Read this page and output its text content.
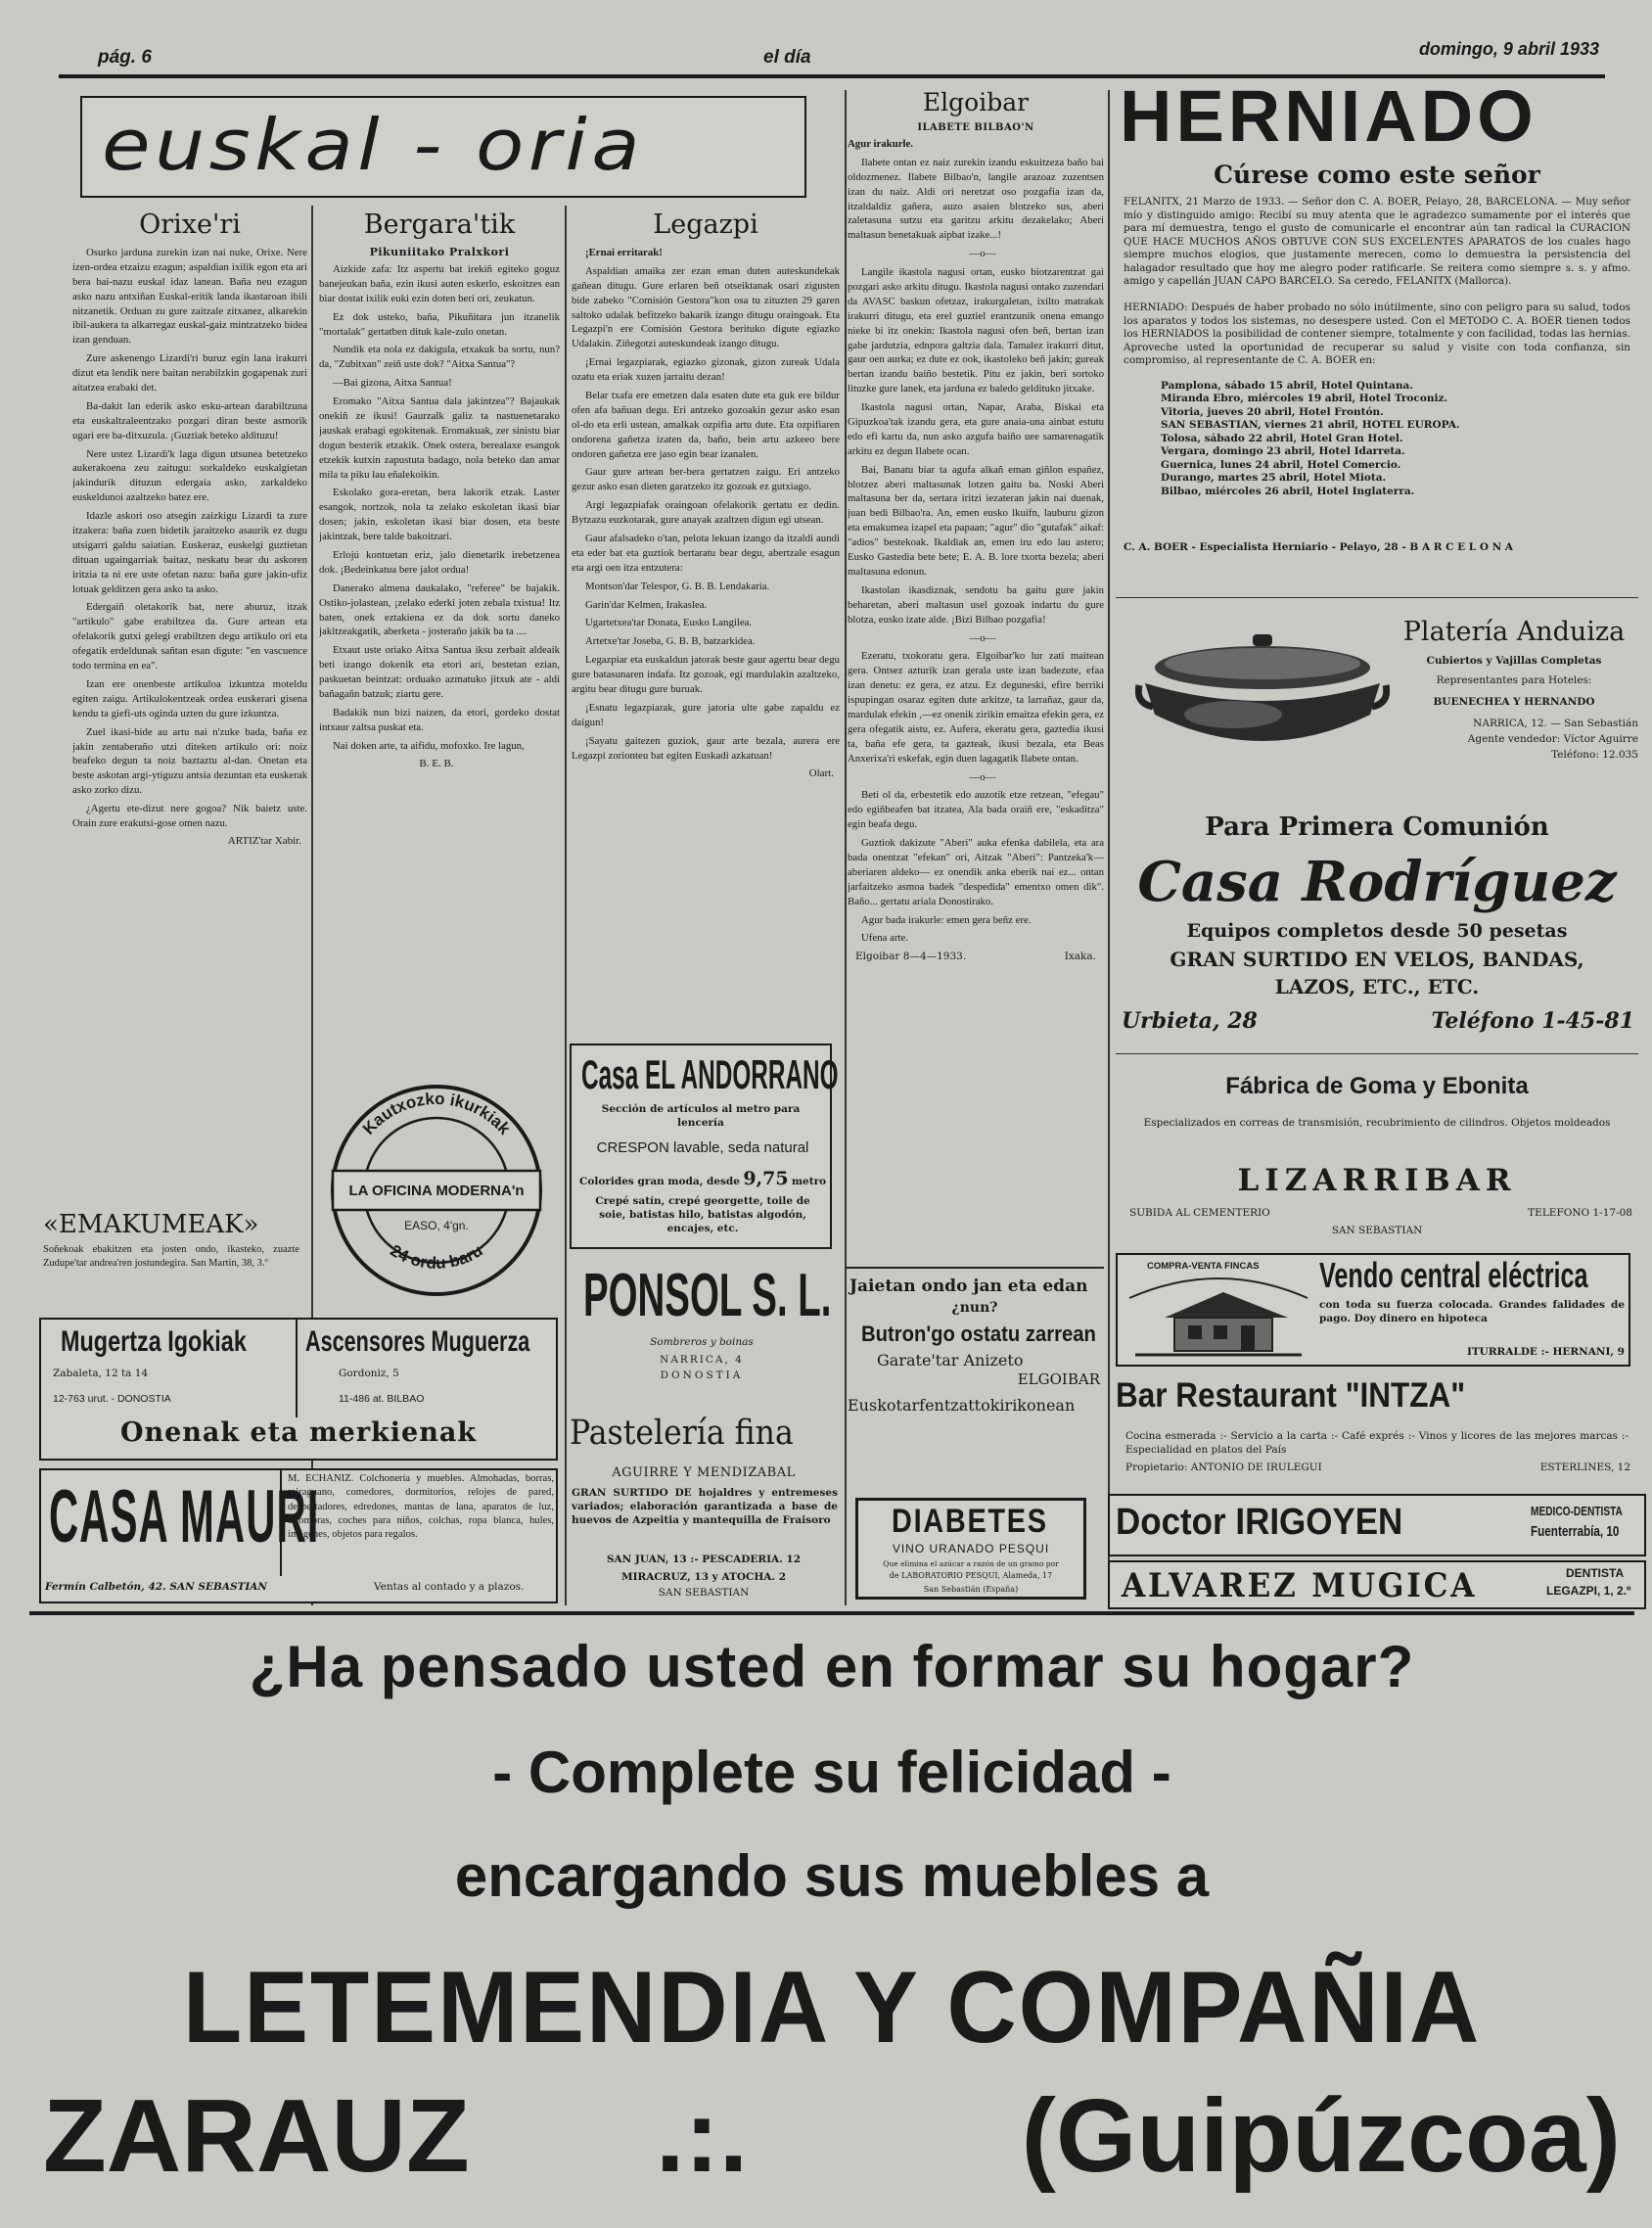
pág. 6	el día	domingo, 9 abril 1933
euskal - oria
Orixe'ri

Osurko jarduna zurekin izan nai nuke, Orixe. Nere izen-ordea etzaizu ezagun; aspaldian ixilik egon eta ari bera bai-nazu euskal idaz lanean. Baña neu ezagun asko nazu antxiñan Euskal-eritik landa ikastaroan ibili nitzanetik. Orduan zu gure zaitzale zitxanez, alkarekin ibil-aukera ta alkarregaz euskal-gaiz mintzatzeko bidea izan genduan.

Zure askenengo Lizardi'ri buruz egin lana irakurri dizut eta lendik nere baitan nerabilzkin gogapenak zuri aitatzea erabaki det.

Ba-dakit lan ederik asko esku-artean darabiltzuna eta euskaltzaleentzako pozgari diran beste asmorik ugari ere ba-ditxuzula. ¡Guztiak beteko aldituzu!

Nere ustez Lizardi'k laga digun utsunea betetzeko aukerakoena zeu zaitugu: sorkaldeko euskalgietan jakindurik dituzun edergaia asko, zarkaldeko euskeldunoi azaltzeko batez ere.

Idazle askori oso atsegin zaizkigu Lizardi ta zure itzakera: baña zuen bidetik jaraitzeko asaurik ez dugu utsigarri galdu saiatian. Euskeraz, euskelgi guztietan dituan ugaingarriak baitaz, neskatu bear du askoren iritzia ta ni ere uste ofetan nazu: baña gure jakin-ufiz lotuak gelditzen gera asko ta asko.

Edergaiñ oletakorik bat, nere aburuz, itzak "artikulo" gabe erabiltzea da. Gure artean eta ofelakorik gutxi gelegi erabiltzen degu artikulo ori eta ofegatik erdeldunak sañtan esan digute: "en vascuence todo termina en ea".

Izan ere onenbeste artikuloa izkuntza moteldu egiten zaigu. Artikulokentzeak ordea euskerari gisena kendu ta giefi-uts oginda uzten du gure izkuntza.

Zuel ikasi-bide au artu nai n'zuke bada, baña ez jakin zentaberaño utzi diteken artikulo ori: noiz beafeko degun ta noiz baztaztu al-dan. Onetan eta beste askotan argi-ytiguzu antsia dezuntan eta euskerak asko zorko dizu.

¿Agertu ete-dizut nere gogoa? Nik baietz uste. Orain zure erakutsi-gose omen nazu.

ARTIZ'tar Xabir.
«EMAKUMEAK»
Soñekoak ebakitzen eta josten ondo, ikasteko, zuazte Zudupe'tar andrea'ren jostundegira. San Martin, 38, 3.º
Bergara'tik
Pikuniitako Pralxkori

Aizkide zafa: Itz aspertu bat irekiñ egiteko goguz banejeukan baña, ezin ikusi auten eskerlo, eskoitzes ean biar dostat ixilik euki ezin doten beri ori, zeukatun.

Ez dok usteko, baña, Pikuñitara jun itzanelik "mortalak" gertatben dituk kale-zulo onetan.

Nundik eta nola ez dakigula, etxakuk ba sortu, nun? da, "Zubitxan" zeiñ uste dok? "Aitxa Santua"?

—Bai gizona, Aitxa Santua!

Eromako "Aitxa Santua dala jakintzea"? Bajaukak onekiñ ze ikusi! Gaurzalk galiz ta nastuenetarako jauskak erabagi egokitenak. Eromakuak, zer sinistu biar dogun besterik etzakik. Onek ostera, berealaxe esangok etzekik kutxin zapustuta badago, nola beteko dan amar mila ta piku lau eñalekoikin.

Eskolako gora-eretan, bera lakorik etzak. Laster esangok, nortzok, nola ta zelako eskoletan ikasi biar dosen; jakin, eskoletan ikasi biar dosen, eta beste jakintzak, bere talde bakoitzari.

Erlojú kontuetan eriz, jalo dienetarik irebetzenea dok. ¡Bedeinkatua bere jalot ordua!

Danerako almena daukalako, "referee" be bajakik. Ostiko-jolastean, ¡zelako ederki joten zebala txistua! Itz baten, onek eztakiena ez da dok sortu daneko jakitzeakgatik, aberketa - josteraño jakik ba ta ....

Etxaut uste oriako Aitxa Santua iksu zerbait aldeaik beti izango dokenik eta etori arí, bestetan ezian, paskuetan beintzat: orduako azmatuko jitxuk ate - aldi bañagañn batzuk; ziartu gere.

Badakik nun bizi naizen, da etori, gordeko dostat intxaur zaltsa puskat eta.

Nai doken arte, ta aifidu, mofoxko. Ire lagun,

B. E. B.
Kautxozko ikurkiak
24 ordu baru
LA OFICINA MODERNA'n
EASO, 4'gn.
Mugertza Igokiak
Zabaleta, 12 ta 14
12-763 urut. - DONOSTIA
Ascensores Muguerza
Gordoniz, 5
11-486 at. BILBAO
Onenak eta merkienak
CASA MAURI
M. ECHANIZ. Colchonería y muebles. Almohadas, borras, miraguano, comedores, dormitorios, relojes de pared, despertadores, edredones, mantas de lana, aparatos de luz, alfombras, coches para niños, colchas, ropa blanca, hules, imágenes, objetos para regalos.
Fermín Calbetón, 42. SAN SEBASTIAN	Ventas al contado y a plazos.
Legazpi

¡Ernai erritarak!

Aspaldian amaika zer ezan eman duten auteskundekak gañean ditugu. Gure erlaren beñ otseiktanak osari zigusten bide zabeko "Comisión Gestora"kon osa tu zituzten 29 garen saltoko udalak befitzeko bakarik izango ditugu oraingoak. Eta Legazpi'n ere Comisión Gestora berituko digute egiazko Udalakin. Ziñegotzi auteskundeak izango ditugu.

¡Ernai legazpiarak, egiazko gizonak, gizon zureak Udala ozatu eta eriak xuzen jarraitu dezan!

Belar txafa ere emetzen dala esaten dute eta guk ere bildur ofen afa bañuan degu. Eri antzeko gozoakin gezur asko esan ol-do eta erli ustean, amalkak ozpifia artu dute. Eta ozpifiaren ondorena gañetza izaten da, baño, bein artu azkeeo bere ondoren gañetza ere jaso egin bear izanalen.

Gaur gure artean ber-bera gertatzen zaigu. Eri antzeko gezur asko esan dieten garatzeko itz gozoak ez gutxiago.

Argi legazpiafak oraingoan ofelakorik gertatu ez dedin. Bytzazu euzkotarak, gure anayak azaltzen digun egi utsean.

Gaur afalsadeko o'tan, pelota lekuan izango da itzaldi aundi eta eder bat eta guztiok bertaratu bear degu, abertzale esagun eta argi oen itza entzutera:

Montson'dar Telespor, G. B. B. Lendakaria.

Garin'dar Kelmen, Irakaslea.

Ugartetxea'tar Donata, Eusko Langilea.

Artetxe'tar Joseba, G. B. B, batzarkidea.

Legazpiar eta euskaldun jatorak beste gaur agertu bear degu gure batasunaren indafa. Itz gozoak, egi mardulakin azaltzeko, argitu bear ditugu gure buruak.

¡Esnatu legazpiarak, gure jatoria ulte gabe zapaldu ez daigun!

¡Sayatu gaitezen guziok, gaur arte bezala, aurera ere Legazpi zorionteu bat egiten Euskadi azkatuan!

Olart.
Casa EL ANDORRANO
Sección de artículos al metro para lencería
CRESPON lavable, seda natural
Colorides gran moda, desde 9,75 metro
Crepé satín, crepé georgette, toile de soie, batistas hilo, batistas algodón, encajes, etc.
PONSOL S. L.
Sombreros y boinas
NARRICA, 4
DONOSTIA
Pastelería fina
AGUIRRE Y MENDIZABAL
GRAN SURTIDO DE hojaldres y entremeses variados; elaboración garantizada a base de huevos de Azpeitia y mantequilla de Fraisoro
SAN JUAN, 13 :- PESCADERIA. 12
MIRACRUZ, 13 y ATOCHA. 2
SAN SEBASTIAN
Elgoibar
ILABETE BILBAO'N

Agur irakurle.

Ilabete ontan ez naiz zurekin izandu eskuitzeza baño bai oldozmenez. Ilabete Bilbao'n, langile arazoaz zuzentsen izan du naiz. Aldi ori neretzat oso pozgafia izan da, itzaldaldiz gañera, auzo asaien blotzeko sus, aberi zaletasuna sutzu eta garitzu arkitu dezakelako; Aberi maltasun benetakuak aipbat izake...!

—o—

Langile ikastola nagusi ortan, eusko biotzarentzat gai pozgari asko arkitu ditugu. Ikastola nagusi ontako zuzendari da AVASC baskun ofetzaz, irakurgaletan, ixilto matrakak irakurri ditugu, eta erel guztiel erantzunik onena emango nieke bi itz onekin: Ikastola nagusi ofen beñ, bertan izan gabe jardutzia, ednpora galtzia dala. Tamalez irakurri ditut, gaur oen aurka; ez dute ez ook, ikastoleko beñ jakin; gureak bertan izandu baiño bestetik. Pitu ez jakin, beri sortoko lituzke gure lanek, eta jarduna ez baledo geldituko jitxake.

Ikastola nagusi ortan, Napar, Araba, Biskai eta Gipuzkoa'tak izandu gera, eta gure anaia-una ainbat estutu edo efi kartu da, nun asko azgufa baiño uee samarenagatik arkitu ez degun Ilabete ocan.

Bai, Banatu biar ta agufa alkañ eman giñlon españez, blotzez aberi maltasunak lotzen gaitu ba. Noski Aberi maltasuna ber da, sertara iritzi iezateran jakin nai duenak, juan bedi Bilbao'ra. An, emen eusko lkuifn, lauburu gizon eta emakumea izapel eta papaan; "agur" dio "gutafak" aikaf: "adios" bestekoak. Ikaldiak an, emen iru edo lau astero; Eusko Gastedia bete bete; E. A. B. lore txorta bezela; aberi maltasuna edonun.

Ikastolan ikasdiznak, sendotu ba gaitu gure jakin beharetan, aberi maltasun usel gozoak indartu du gure blotza, eusko izate alde. ¡Bizi Bilbao pozgafia!

—o—

Ezeratu, txokoratu gera. Elgoibar'ko lur zati maitean gera. Ontsez azturik izan gerala uste izan badezute, efaa izan denetu: ez gera, ez atzu. Ez deguneski, efire berriki ispupingan osaraz egiten dute arkitze, ta larrañaz, gaur da, mardulak efekin ,—ez onenik zirikin emaitza efekin gera, ez gera ofegatik aistu, ez. Aufera, ekeratu gera, gaztedia ikusi ta, baña efe gera, ta gazteak, ikusi bezala, eta Beas Anxerixa'ri eskefak, egin duen lagagatik Ilabete ontan.

—o—

Beti ol da, erbestetik edo auzotik etze retzean, "efegau" edo egiñbeafen bat itzatea, Ala bada oraiñ ere, "eskaditza" egin beafa degu.

Guztiok dakizute "Aberi" auka efenka dabilela, eta ara bada onentzat "efekan" ori, Aitzak "Aberi": Pantzeka'k—aberiaren aldeko— ez onendik anka eberik nai ez... ontan jarfaitzeko asmoa badek "despedida" ementxo omen dik". Baño... gertatu ariala Donostirako.

Agur bada irakurle: emen gera beñz ere.

Ufena arte.

Elgoibar 8—4—1933.	Ixaka.
Jaietan ondo jan eta edan
¿nun?
Butron'go ostatu zarrean
Garate'tar Anizeto
ELGOIBAR
Euskotarfentzattokirikonean
DIABETES
VINO URANADO PESQUI
Que elimina el azúcar a razón de un gramo por
de LABORATORIO PESQUI, Alameda, 17
San Sebastián (España)
HERNIADO
Cúrese como este señor
FELANITX, 21 Marzo de 1933. — Señor don C. A. BOER, Pelayo, 28, BARCELONA. — Muy señor mío y distinguido amigo: Recibí su muy atenta que le agradezco sumamente por el interés que para mí demuestra, tengo el gusto de comunicarle el encontrar aún tan radical la CURACION QUE HACE MUCHOS AÑOS OBTUVE CON SUS EXCELENTES APARATOS de los cuales hago siempre muchos elogios, que justamente merecen, como lo demuestra la persistencia del halagador resultado que hoy me alegro poder ratificarle. Se reitera como siempre s. s. y afmo. amigo y capellán JUAN CAPO BARCELO. Sa ceredo, FELANITX (Mallorca).
HERNIADO: Después de haber probado no sólo inútilmente, sino con peligro para su salud, todos los aparatos y todos los sistemas, no desespere usted. Con el METODO C. A. BOER tienen todos los HERNIADOS la posibilidad de contener siempre, totalmente y con facilidad, todas las hernias. Aproveche usted la oportunidad de recuperar su salud y visite con toda confianza, sin compromiso, al representante de C. A. BOER en:
Pamplona, sábado 15 abril, Hotel Quintana.
Miranda Ebro, miércoles 19 abril, Hotel Troconiz.
Vitoria, jueves 20 abril, Hotel Frontón.
SAN SEBASTIAN, viernes 21 abril, HOTEL EUROPA.
Tolosa, sábado 22 abril, Hotel Gran Hotel.
Vergara, domingo 23 abril, Hotel Idarreta.
Guernica, lunes 24 abril, Hotel Comercio.
Durango, martes 25 abril, Hotel Miota.
Bilbao, miércoles 26 abril, Hotel Inglaterra.
C. A. BOER - Especialista Herniario - Pelayo, 28 - B A R C E L O N A
Platería Anduiza
Cubiertos y Vajillas Completas
Representantes para Hoteles:
BUENECHEA Y HERNANDO
NARRICA, 12. — San Sebastián
Agente vendedor: Víctor Aguirre
Teléfono: 12.035
Para Primera Comunión
Casa Rodríguez
Equipos completos desde 50 pesetas
GRAN SURTIDO EN VELOS, BANDAS,
LAZOS, ETC., ETC.
Urbieta, 28	Teléfono 1-45-81
Fábrica de Goma y Ebonita
Especializados en correas de transmisión, recubrimiento de cilindros. Objetos moldeados
LIZARRIBAR
SUBIDA AL CEMENTERIO	TELEFONO 1-17-08
SAN SEBASTIAN
COMPRA-VENTA FINCAS Vendo central eléctrica
con toda su fuerza colocada. Grandes falidades de pago. Doy dinero en hipoteca
ITURRALDE :- HERNANI, 9
Bar Restaurant "INTZA"
Cocina esmerada :- Servicio a la carta :- Café exprés :- Vinos y licores de las mejores marcas :- Especialidad en platos del País
Propietario: ANTONIO DE IRULEGUI	ESTERLINES, 12
Doctor IRIGOYEN	MEDICO-DENTISTA
Fuenterrabía, 10
ALVAREZ MUGICA	DENTISTA
LEGAZPI, 1, 2.º
¿Ha pensado usted en formar su hogar?
- Complete su felicidad -
encargando sus muebles a
LETEMENDIA Y COMPAÑIA
ZARAUZ .:.	(Guipúzcoa)
